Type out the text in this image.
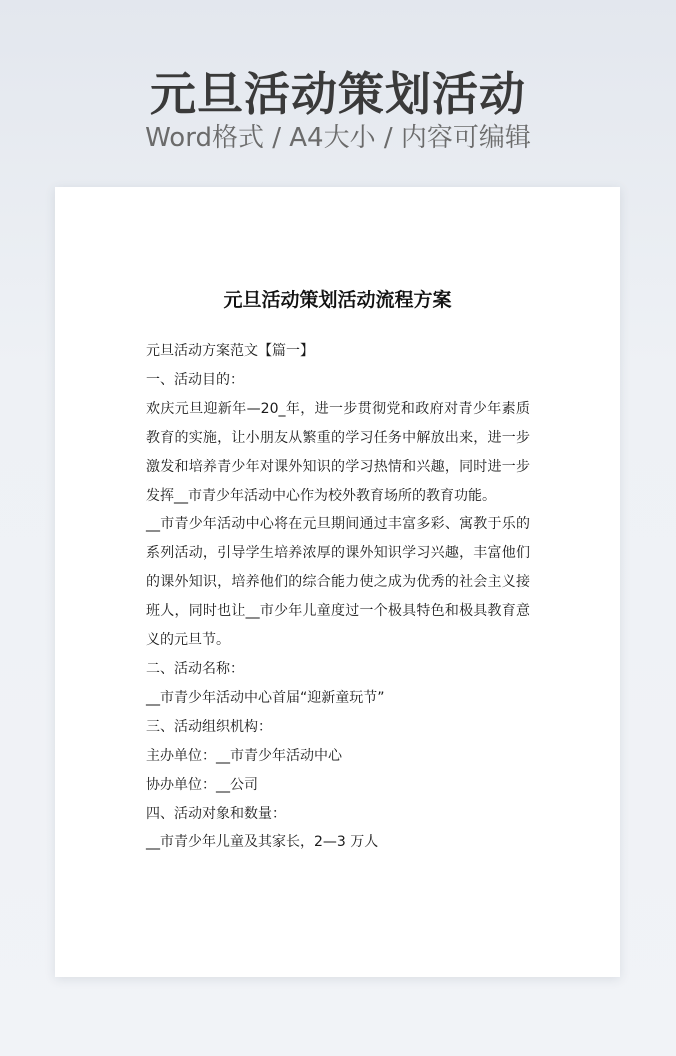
元旦活动策划活动
Word格式 / A4大小 / 内容可编辑
元旦活动策划活动流程方案

元旦活动方案范文【篇一】

一、活动目的：

欢庆元旦迎新年—20_年，进一步贯彻党和政府对青少年素质教育的实施，让小朋友从繁重的学习任务中解放出来，进一步激发和培养青少年对课外知识的学习热情和兴趣，同时进一步发挥__市青少年活动中心作为校外教育场所的教育功能。

__市青少年活动中心将在元旦期间通过丰富多彩、寓教于乐的系列活动，引导学生培养浓厚的课外知识学习兴趣，丰富他们的课外知识，培养他们的综合能力使之成为优秀的社会主义接班人，同时也让__市少年儿童度过一个极具特色和极具教育意义的元旦节。

二、活动名称：

__市青少年活动中心首届“迎新童玩节”

三、活动组织机构：

主办单位：__市青少年活动中心

协办单位：__公司

四、活动对象和数量：

__市青少年儿童及其家长，2—3 万人
